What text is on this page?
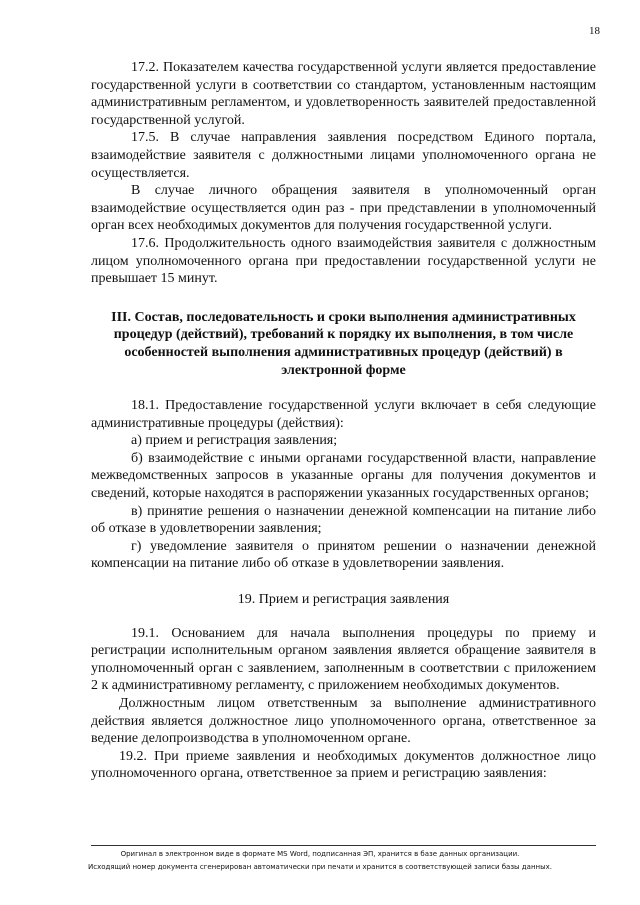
18

17.2. Показателем качества государственной услуги является предоставление государственной услуги в соответствии со стандартом, установленным настоящим административным регламентом, и удовлетворенность заявителей предоставленной государственной услугой.

17.5. В случае направления заявления посредством Единого портала, взаимодействие заявителя с должностными лицами уполномоченного органа не осуществляется.

В случае личного обращения заявителя в уполномоченный орган взаимодействие осуществляется один раз - при представлении в уполномоченный орган всех необходимых документов для получения государственной услуги.

17.6. Продолжительность одного взаимодействия заявителя с должностным лицом уполномоченного органа при предоставлении государственной услуги не превышает 15 минут.

III. Состав, последовательность и сроки выполнения административных процедур (действий), требований к порядку их выполнения, в том числе особенностей выполнения административных процедур (действий) в электронной форме

18.1. Предоставление государственной услуги включает в себя следующие административные процедуры (действия):

а) прием и регистрация заявления;

б) взаимодействие с иными органами государственной власти, направление межведомственных запросов в указанные органы для получения документов и сведений, которые находятся в распоряжении указанных государственных органов;

в) принятие решения о назначении денежной компенсации на питание либо об отказе в удовлетворении заявления;

г) уведомление заявителя о принятом решении о назначении денежной компенсации на питание либо об отказе в удовлетворении заявления.

19. Прием и регистрация заявления

19.1. Основанием для начала выполнения процедуры по приему и регистрации исполнительным органом заявления является обращение заявителя в уполномоченный орган с заявлением, заполненным в соответствии с приложением 2 к административному регламенту, с приложением необходимых документов.

Должностным лицом ответственным за выполнение административного действия является должностное лицо уполномоченного органа, ответственное за ведение делопроизводства в уполномоченном органе.

19.2. При приеме заявления и необходимых документов должностное лицо уполномоченного органа, ответственное за прием и регистрацию заявления:

Оригинал в электронном виде в формате MS Word, подписанная ЭП, хранится в базе данных организации.
Исходящий номер документа сгенерирован автоматически при печати и хранится в соответствующей записи базы данных.
